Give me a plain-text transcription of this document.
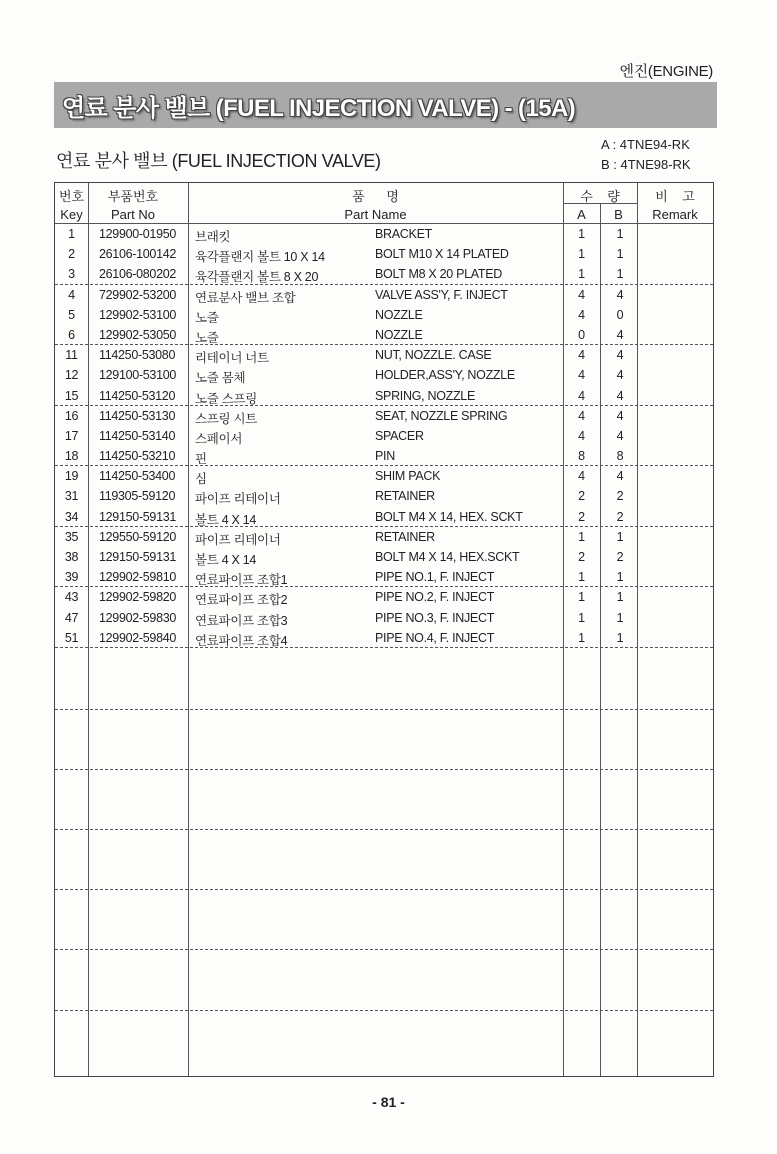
엔진(ENGINE)
연료 분사 밸브 (FUEL INJECTION VALVE) - (15A)
연료 분사 밸브 (FUEL INJECTION VALVE)
A : 4TNE94-RK
B : 4TNE98-RK
번호
Key
부품번호
Part No
품      명
Part Name
수    량
A	B
비    고
Remark
1	129900-01950 브래킷	BRACKET	1	1
2	26106-100142 육각플랜지 볼트 10 X 14	BOLT M10 X 14 PLATED	1	1
3	26106-080202 육각플랜지 볼트 8 X 20	BOLT M8 X 20 PLATED	1	1
4	729902-53200 연료분사 밸브 조합	VALVE ASS'Y, F. INJECT	4	4
5	129902-53100 노즐	NOZZLE	4	0
6	129902-53050 노즐	NOZZLE	0	4
11	114250-53080 리테이너 너트	NUT, NOZZLE. CASE	4	4
12	129100-53100 노즐 몸체	HOLDER,ASS'Y, NOZZLE	4	4
15	114250-53120 노즐 스프링	SPRING, NOZZLE	4	4
16	114250-53130 스프링 시트	SEAT, NOZZLE SPRING	4	4
17	114250-53140 스페이서	SPACER	4	4
18	114250-53210 핀	PIN	8	8
19	114250-53400 심	SHIM PACK	4	4
31	119305-59120 파이프 리테이너	RETAINER	2	2
34	129150-59131 볼트 4 X 14	BOLT M4 X 14, HEX. SCKT	2	2
35	129550-59120 파이프 리테이너	RETAINER	1	1
38	129150-59131 볼트 4 X 14	BOLT M4 X 14, HEX.SCKT	2	2
39	129902-59810 연료파이프 조합1	PIPE NO.1, F. INJECT	1	1
43	129902-59820 연료파이프 조합2	PIPE NO.2, F. INJECT	1	1
47	129902-59830 연료파이프 조합3	PIPE NO.3, F. INJECT	1	1
51	129902-59840 연료파이프 조합4	PIPE NO.4, F. INJECT	1	1
- 81 -
